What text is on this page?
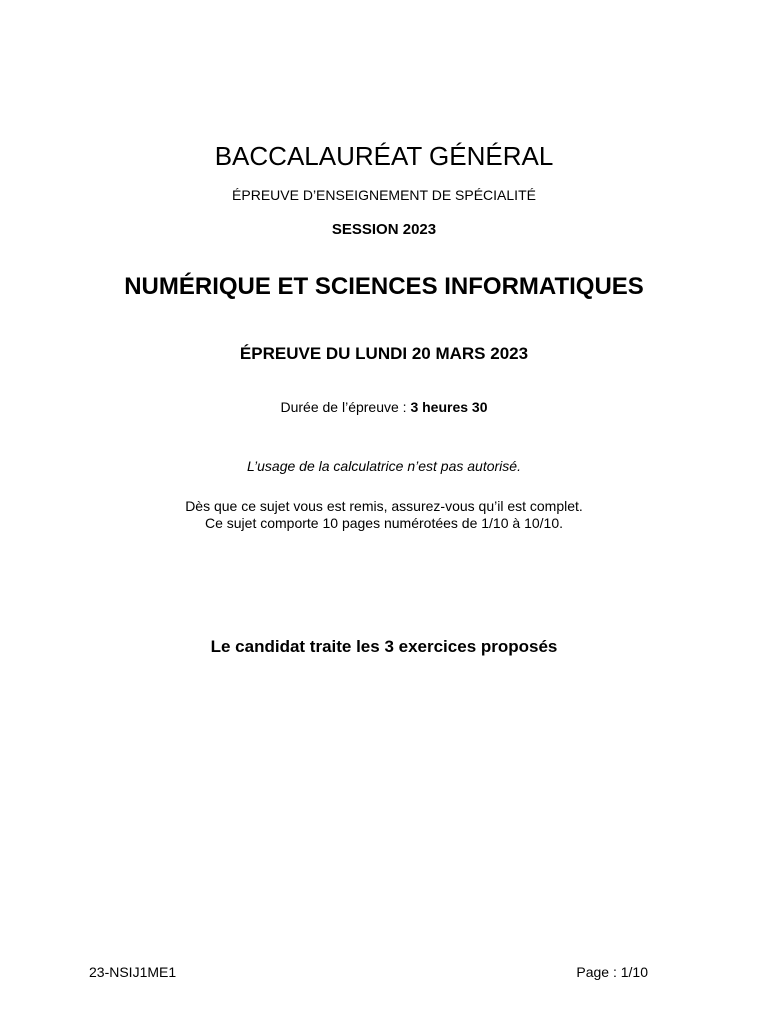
BACCALAURÉAT GÉNÉRAL

ÉPREUVE D’ENSEIGNEMENT DE SPÉCIALITÉ

SESSION 2023

NUMÉRIQUE ET SCIENCES INFORMATIQUES

ÉPREUVE DU LUNDI 20 MARS 2023

Durée de l’épreuve : 3 heures 30

L’usage de la calculatrice n’est pas autorisé.

Dès que ce sujet vous est remis, assurez-vous qu’il est complet.

Ce sujet comporte 10 pages numérotées de 1/10 à 10/10.

Le candidat traite les 3 exercices proposés

23-NSIJ1ME1	Page : 1/10
